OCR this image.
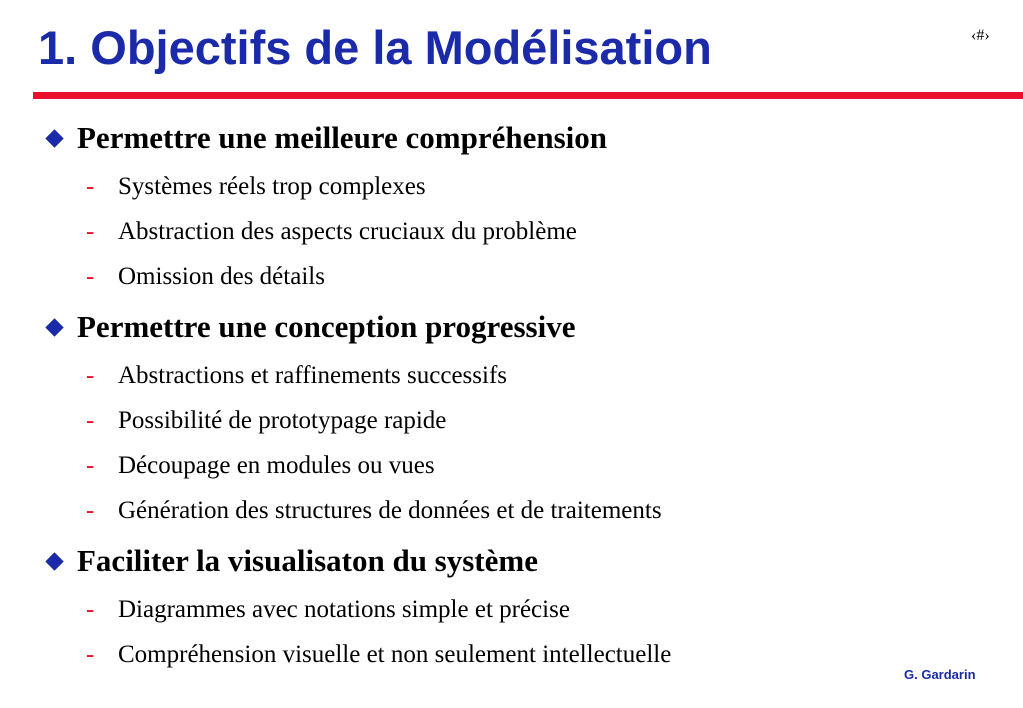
1. Objectifs de la Modélisation	‹#›
Permettre une meilleure compréhension
- Systèmes réels trop complexes
- Abstraction des aspects cruciaux du problème
- Omission des détails
Permettre une conception progressive
- Abstractions et raffinements successifs
- Possibilité de prototypage rapide
- Découpage en modules ou vues
- Génération des structures de données et de traitements
Faciliter la visualisaton du système
- Diagrammes avec notations simple et précise
- Compréhension visuelle et non seulement intellectuelle
G. Gardarin
